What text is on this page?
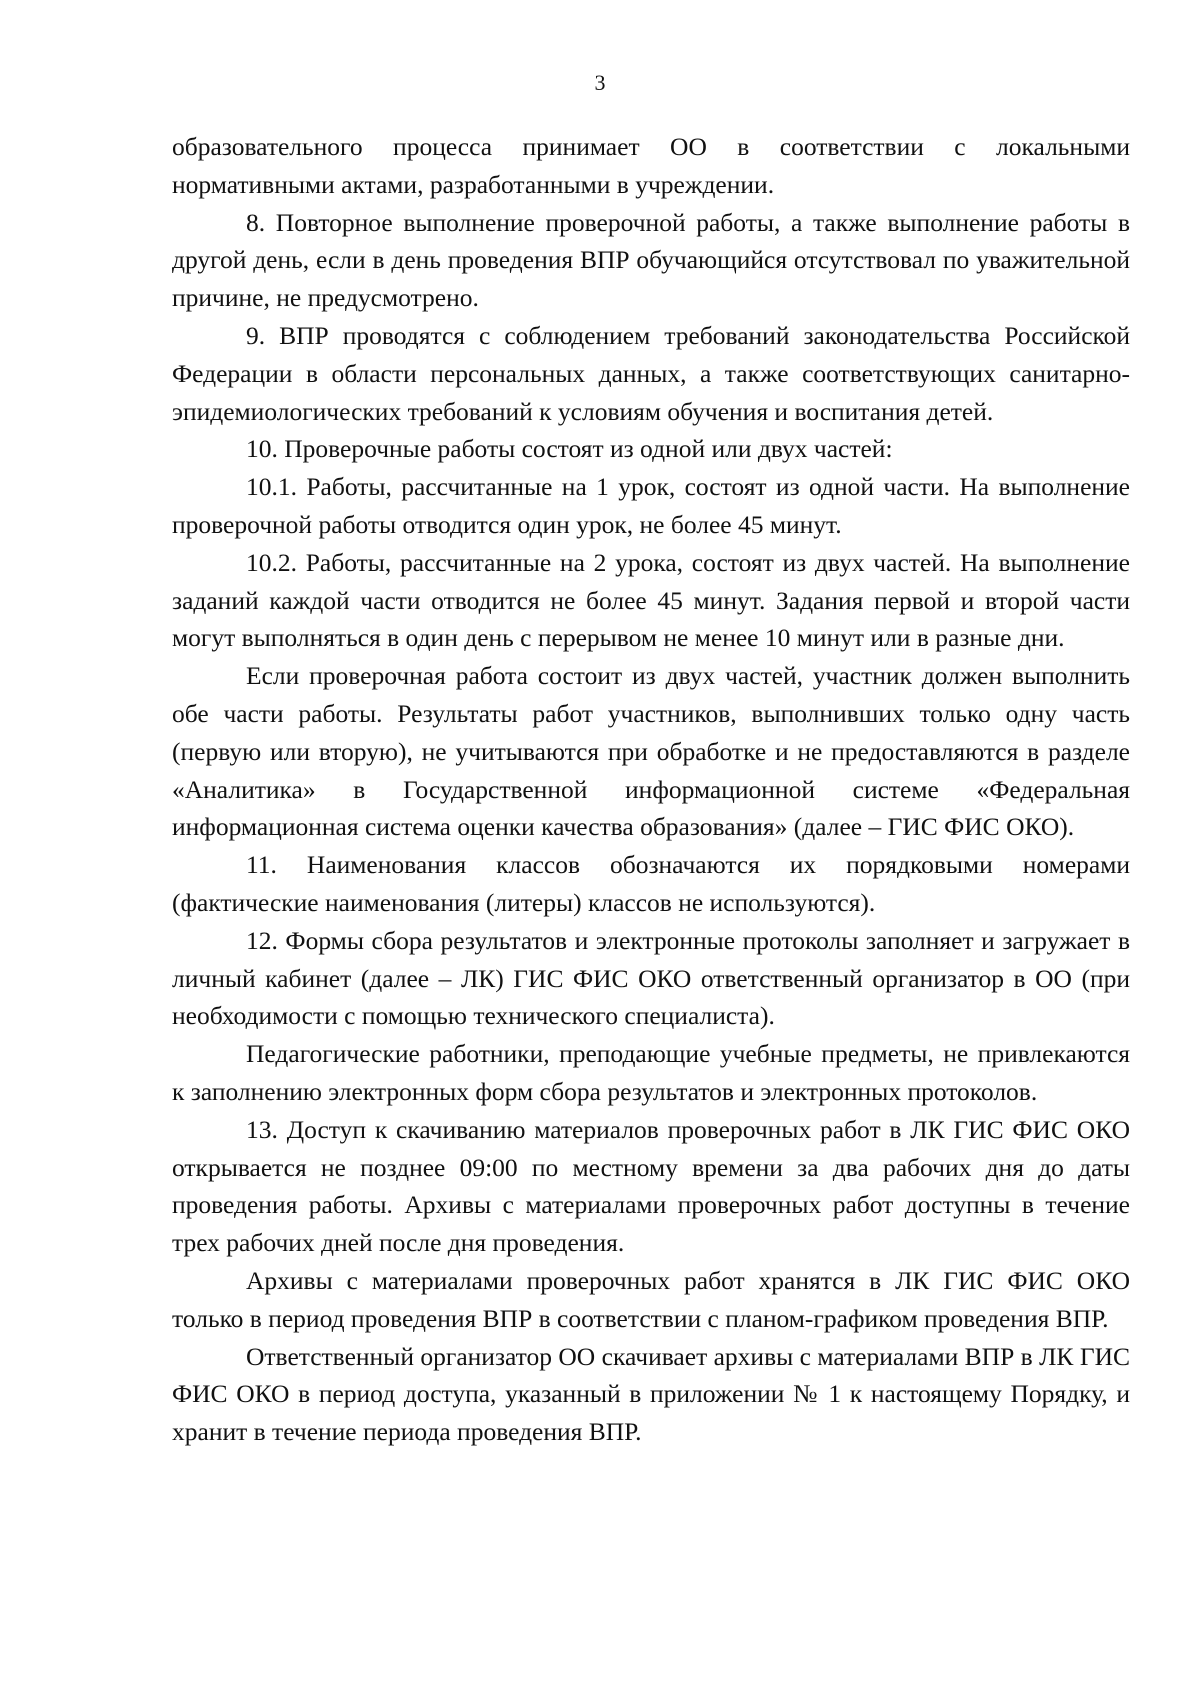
3

образовательного процесса принимает ОО в соответствии с локальными нормативными актами, разработанными в учреждении.

8. Повторное выполнение проверочной работы, а также выполнение работы в другой день, если в день проведения ВПР обучающийся отсутствовал по уважительной причине, не предусмотрено.

9. ВПР проводятся с соблюдением требований законодательства Российской Федерации в области персональных данных, а также соответствующих санитарно-эпидемиологических требований к условиям обучения и воспитания детей.

10. Проверочные работы состоят из одной или двух частей:

10.1. Работы, рассчитанные на 1 урок, состоят из одной части. На выполнение проверочной работы отводится один урок, не более 45 минут.

10.2. Работы, рассчитанные на 2 урока, состоят из двух частей. На выполнение заданий каждой части отводится не более 45 минут. Задания первой и второй части могут выполняться в один день с перерывом не менее 10 минут или в разные дни.

Если проверочная работа состоит из двух частей, участник должен выполнить обе части работы. Результаты работ участников, выполнивших только одну часть (первую или вторую), не учитываются при обработке и не предоставляются в разделе «Аналитика» в Государственной информационной системе «Федеральная информационная система оценки качества образования» (далее – ГИС ФИС ОКО).

11. Наименования классов обозначаются их порядковыми номерами (фактические наименования (литеры) классов не используются).

12. Формы сбора результатов и электронные протоколы заполняет и загружает в личный кабинет (далее – ЛК) ГИС ФИС ОКО ответственный организатор в ОО (при необходимости с помощью технического специалиста).

Педагогические работники, преподающие учебные предметы, не привлекаются к заполнению электронных форм сбора результатов и электронных протоколов.

13. Доступ к скачиванию материалов проверочных работ в ЛК ГИС ФИС ОКО открывается не позднее 09:00 по местному времени за два рабочих дня до даты проведения работы. Архивы с материалами проверочных работ доступны в течение трех рабочих дней после дня проведения.

Архивы с материалами проверочных работ хранятся в ЛК ГИС ФИС ОКО только в период проведения ВПР в соответствии с планом-графиком проведения ВПР.

Ответственный организатор ОО скачивает архивы с материалами ВПР в ЛК ГИС ФИС ОКО в период доступа, указанный в приложении № 1 к настоящему Порядку, и хранит в течение периода проведения ВПР.
